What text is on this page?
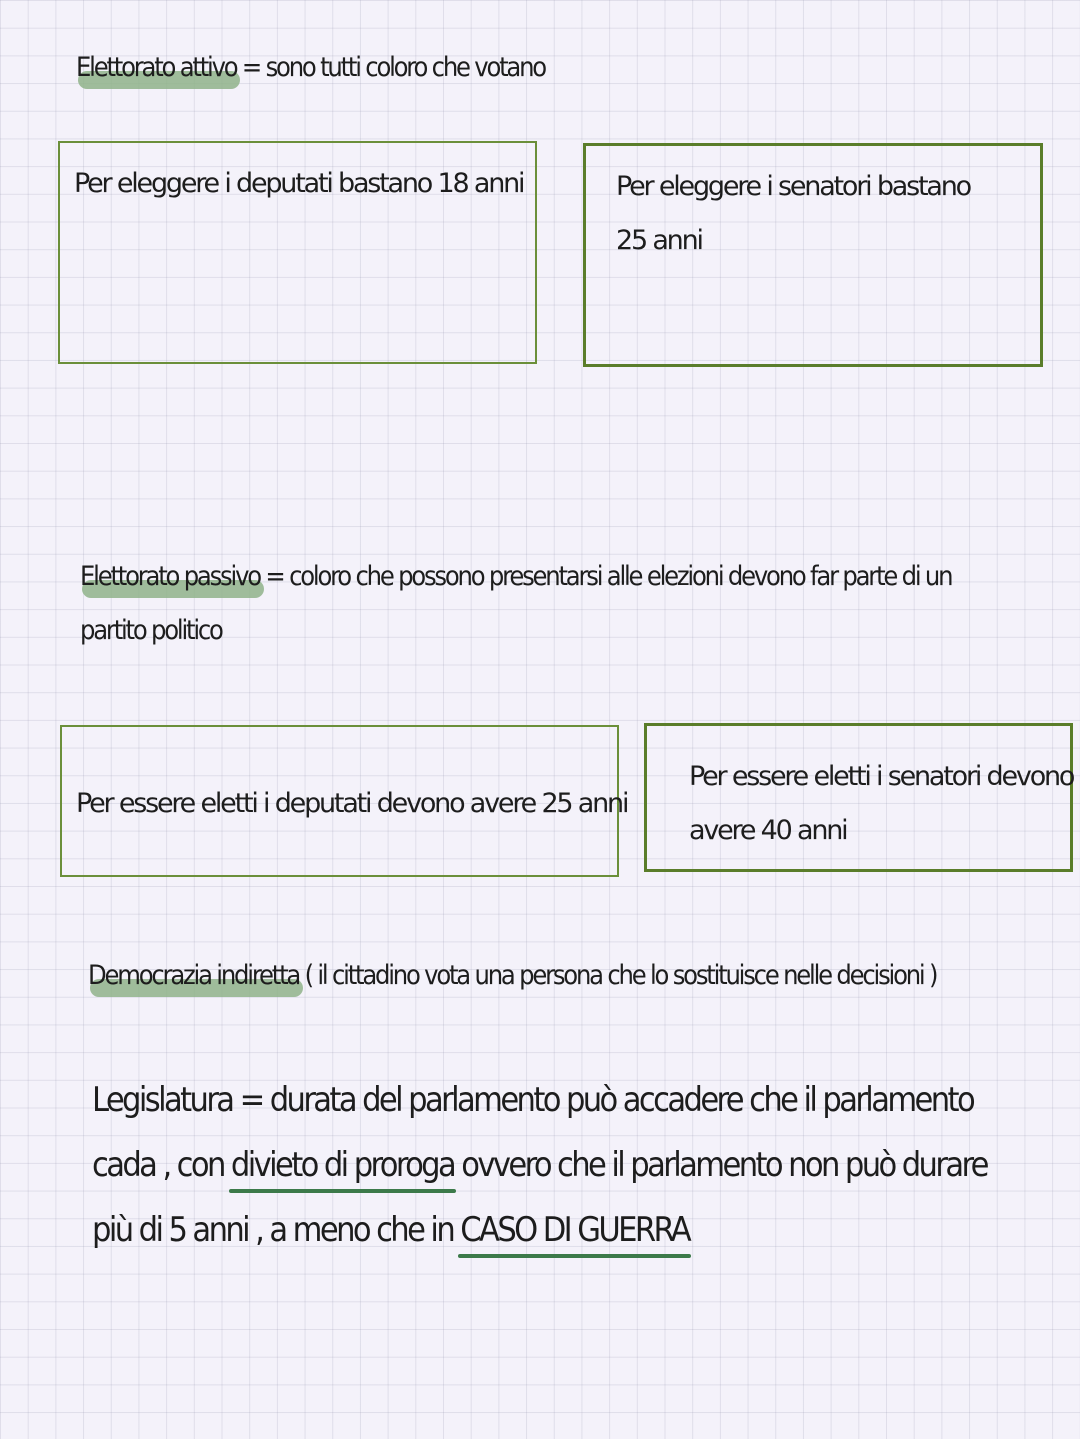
Elettorato attivo = sono tutti coloro che votano
Per eleggere i deputati bastano 18 anni	Per eleggere i senatori bastano
25 anni
Elettorato passivo = coloro che possono presentarsi alle elezioni devono far parte di un
partito politico
Per essere eletti i deputati devono avere 25 anni
Per essere eletti i senatori devono
avere 40 anni
Democrazia indiretta ( il cittadino vota una persona che lo sostituisce nelle decisioni )
Legislatura = durata del parlamento può accadere che il parlamento
cada , con divieto di proroga ovvero che il parlamento non può durare
più di 5 anni , a meno che in CASO DI GUERRA
